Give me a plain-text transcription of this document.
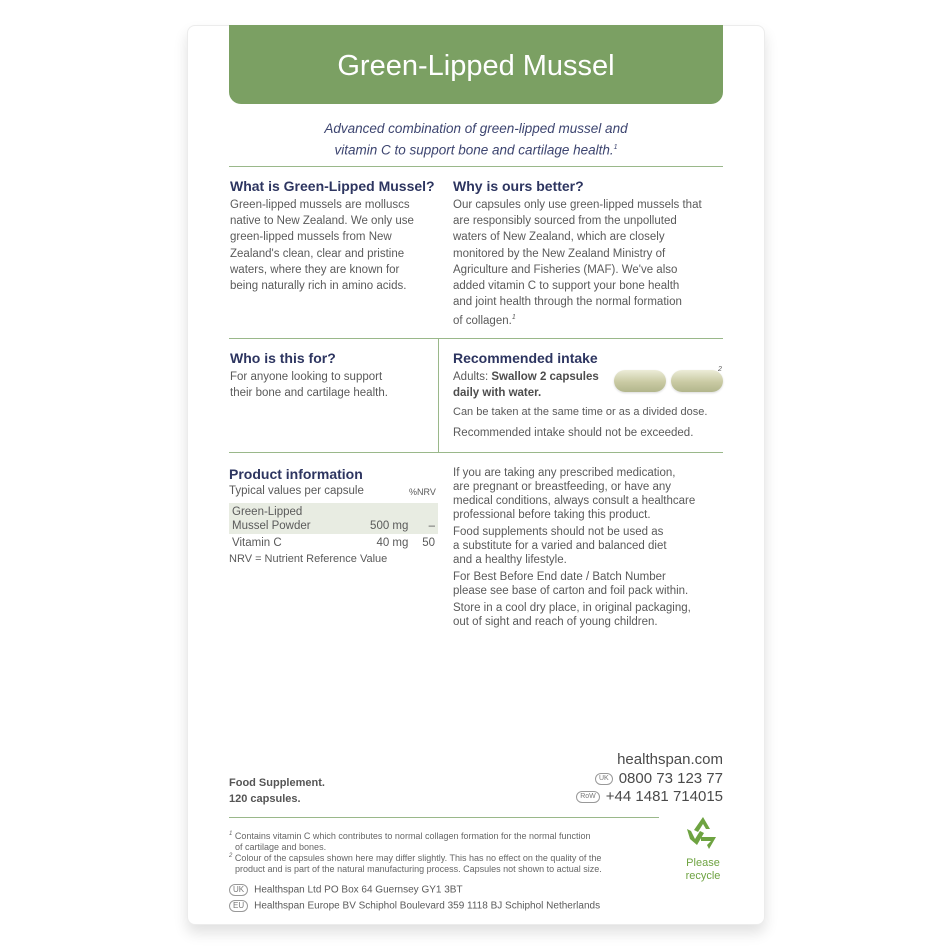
Green-Lipped Mussel
Advanced combination of green-lipped mussel and
vitamin C to support bone and cartilage health.$^1$
What is Green-Lipped Mussel?
Green-lipped mussels are molluscs
native to New Zealand. We only use
green-lipped mussels from New
Zealand's clean, clear and pristine
waters, where they are known for
being naturally rich in amino acids.
Why is ours better?
Our capsules only use green-lipped mussels that
are responsibly sourced from the unpolluted
waters of New Zealand, which are closely
monitored by the New Zealand Ministry of
Agriculture and Fisheries (MAF). We've also
added vitamin C to support your bone health
and joint health through the normal formation
of collagen.$^1$
Who is this for?
For anyone looking to support
their bone and cartilage health.
Recommended intake
Adults: Swallow 2 capsules
daily with water.
2
Can be taken at the same time or as a divided dose.
Recommended intake should not be exceeded.
Product information
Typical values per capsule	%NRV
Green-Lipped
Mussel Powder	500 mg	–
Vitamin C	40 mg	50
NRV = Nutrient Reference Value
If you are taking any prescribed medication,
are pregnant or breastfeeding, or have any
medical conditions, always consult a healthcare
professional before taking this product.
Food supplements should not be used as
a substitute for a varied and balanced diet
and a healthy lifestyle.
For Best Before End date / Batch Number
please see base of carton and foil pack within.
Store in a cool dry place, in original packaging,
out of sight and reach of young children.
Food Supplement.
120 capsules.
healthspan.com
UK 0800 73 123 77
RoW +44 1481 714015
$^1$ Contains vitamin C which contributes to normal collagen formation for the normal function
of cartilage and bones.
$^2$ Colour of the capsules shown here may differ slightly. This has no effect on the quality of the
product and is part of the natural manufacturing process. Capsules not shown to actual size.	Please
recycle
UK Healthspan Ltd PO Box 64 Guernsey GY1 3BT
EU Healthspan Europe BV Schiphol Boulevard 359 1118 BJ Schiphol Netherlands
